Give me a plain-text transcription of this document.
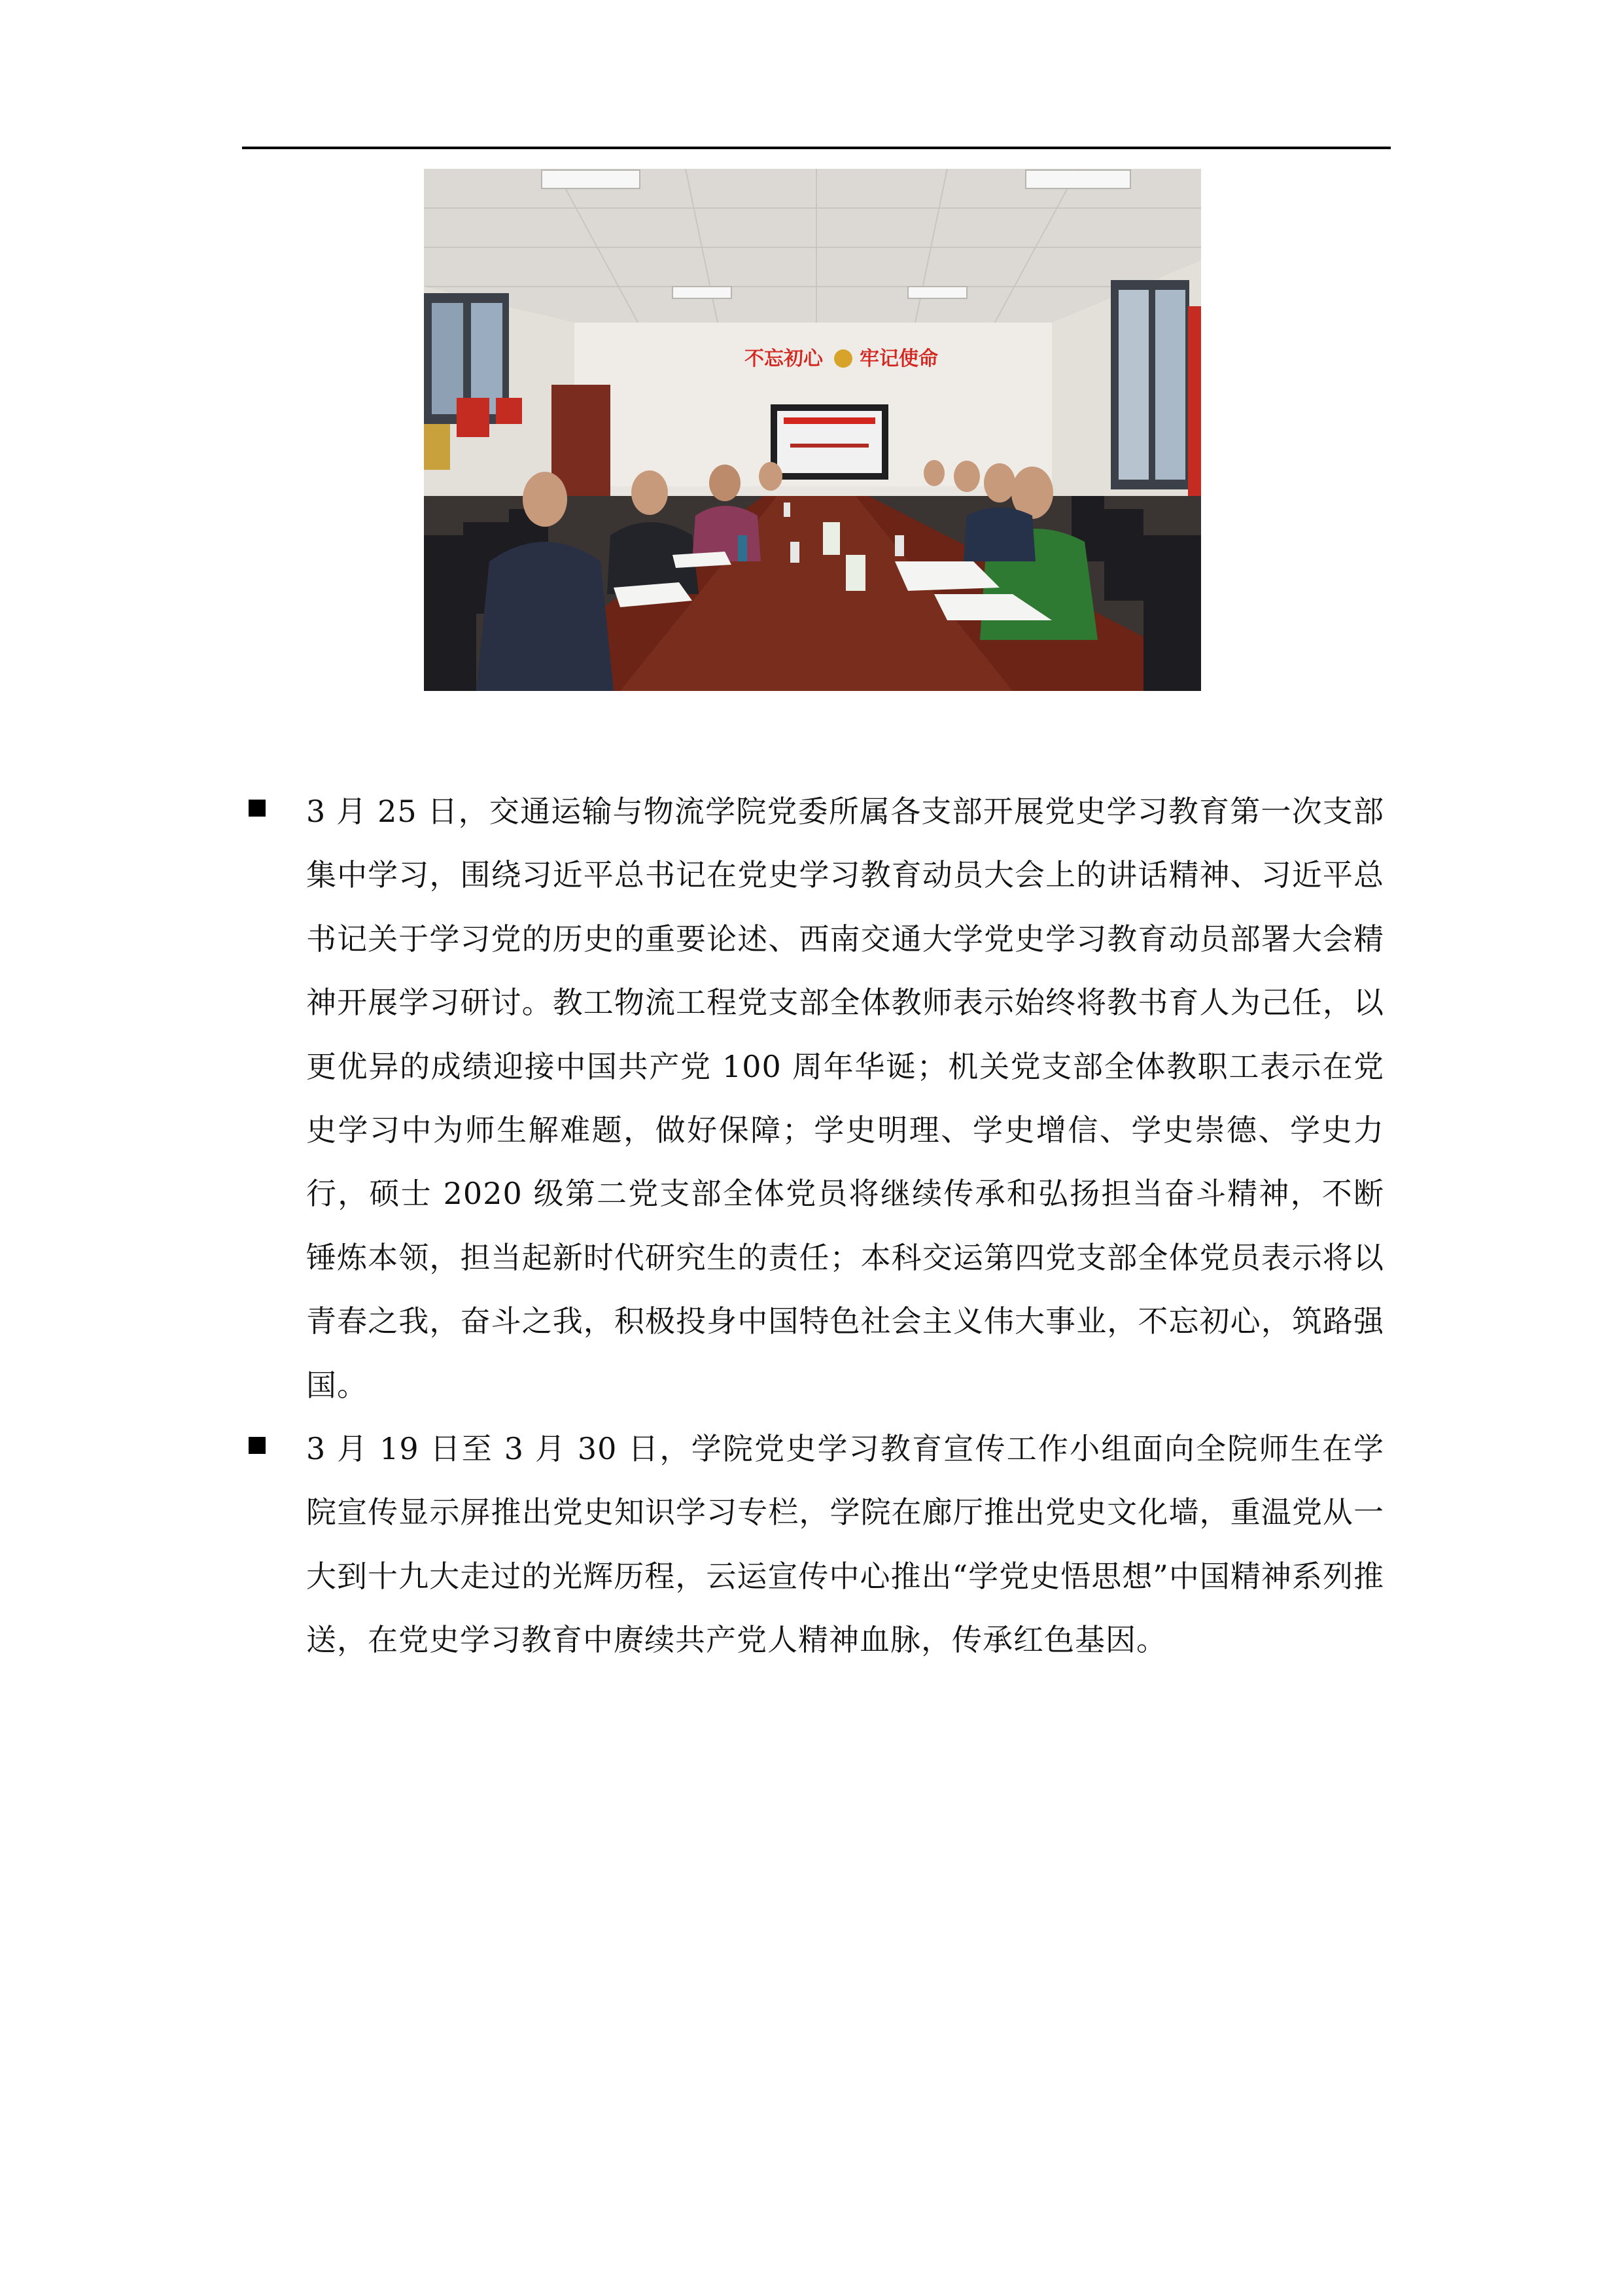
不忘初心 牢记使命

3 月 25 日，交通运输与物流学院党委所属各支部开展党史学习教育第一次支部集中学习，围绕习近平总书记在党史学习教育动员大会上的讲话精神、习近平总书记关于学习党的历史的重要论述、西南交通大学党史学习教育动员部署大会精神开展学习研讨。教工物流工程党支部全体教师表示始终将教书育人为己任，以更优异的成绩迎接中国共产党 100 周年华诞；机关党支部全体教职工表示在党史学习中为师生解难题，做好保障；学史明理、学史增信、学史崇德、学史力行，硕士 2020 级第二党支部全体党员将继续传承和弘扬担当奋斗精神，不断锤炼本领，担当起新时代研究生的责任；本科交运第四党支部全体党员表示将以青春之我，奋斗之我，积极投身中国特色社会主义伟大事业，不忘初心，筑路强国。

3 月 19 日至 3 月 30 日，学院党史学习教育宣传工作小组面向全院师生在学院宣传显示屏推出党史知识学习专栏，学院在廊厅推出党史文化墙，重温党从一大到十九大走过的光辉历程，云运宣传中心推出“学党史悟思想”中国精神系列推送，在党史学习教育中赓续共产党人精神血脉，传承红色基因。
